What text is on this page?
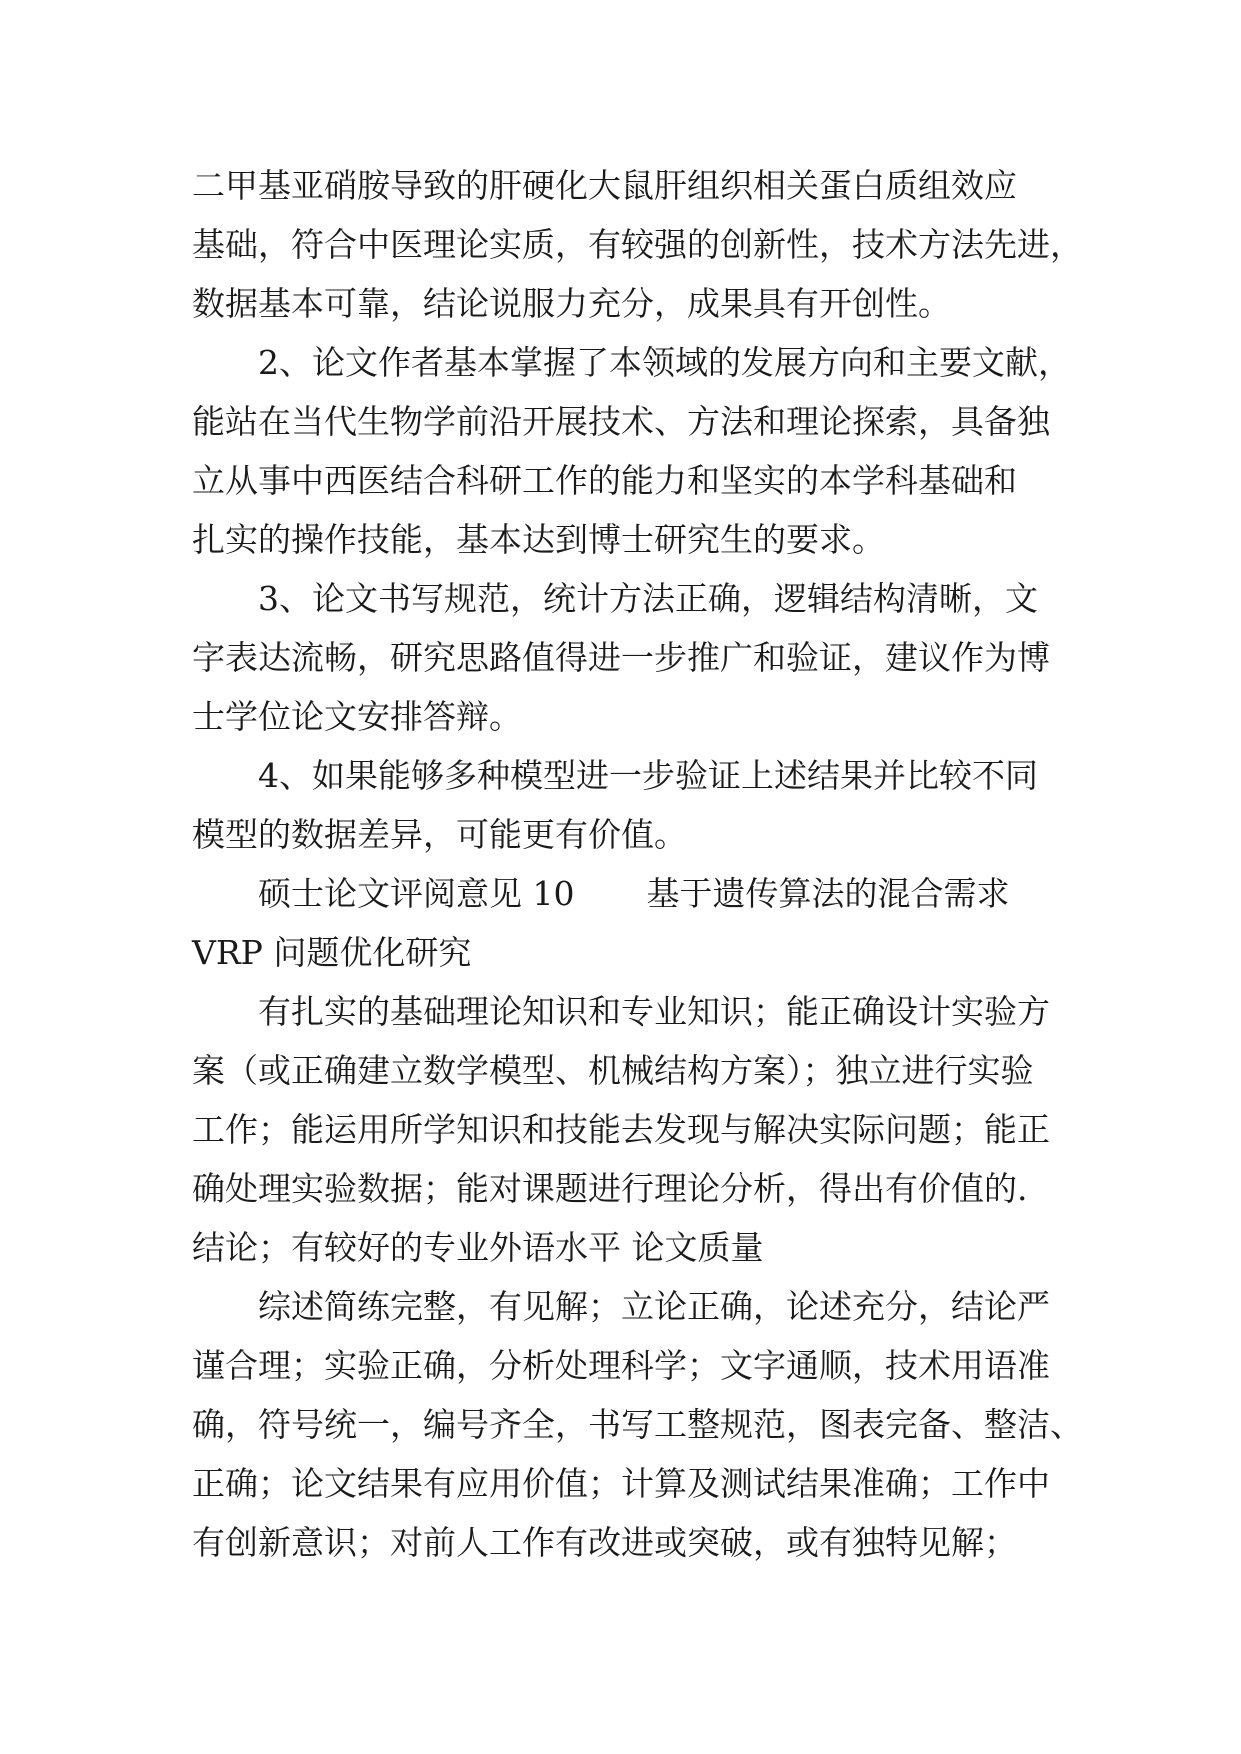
二甲基亚硝胺导致的肝硬化大鼠肝组织相关蛋白质组效应
基础，符合中医理论实质，有较强的创新性，技术方法先进，
数据基本可靠，结论说服力充分，成果具有开创性。
2、论文作者基本掌握了本领域的发展方向和主要文献，
能站在当代生物学前沿开展技术、方法和理论探索，具备独
立从事中西医结合科研工作的能力和坚实的本学科基础和
扎实的操作技能，基本达到博士研究生的要求。
3、论文书写规范，统计方法正确，逻辑结构清晰，文
字表达流畅，研究思路值得进一步推广和验证，建议作为博
士学位论文安排答辩。
4、如果能够多种模型进一步验证上述结果并比较不同
模型的数据差异，可能更有价值。
硕士论文评阅意见 10 基于遗传算法的混合需求
VRP 问题优化研究
有扎实的基础理论知识和专业知识；能正确设计实验方
案（或正确建立数学模型、机械结构方案）；独立进行实验
工作；能运用所学知识和技能去发现与解决实际问题；能正
确处理实验数据；能对课题进行理论分析，得出有价值的.
结论；有较好的专业外语水平 论文质量
综述简练完整，有见解；立论正确，论述充分，结论严
谨合理；实验正确，分析处理科学；文字通顺，技术用语准
确，符号统一，编号齐全，书写工整规范，图表完备、整洁、
正确；论文结果有应用价值；计算及测试结果准确；工作中
有创新意识；对前人工作有改进或突破，或有独特见解；
